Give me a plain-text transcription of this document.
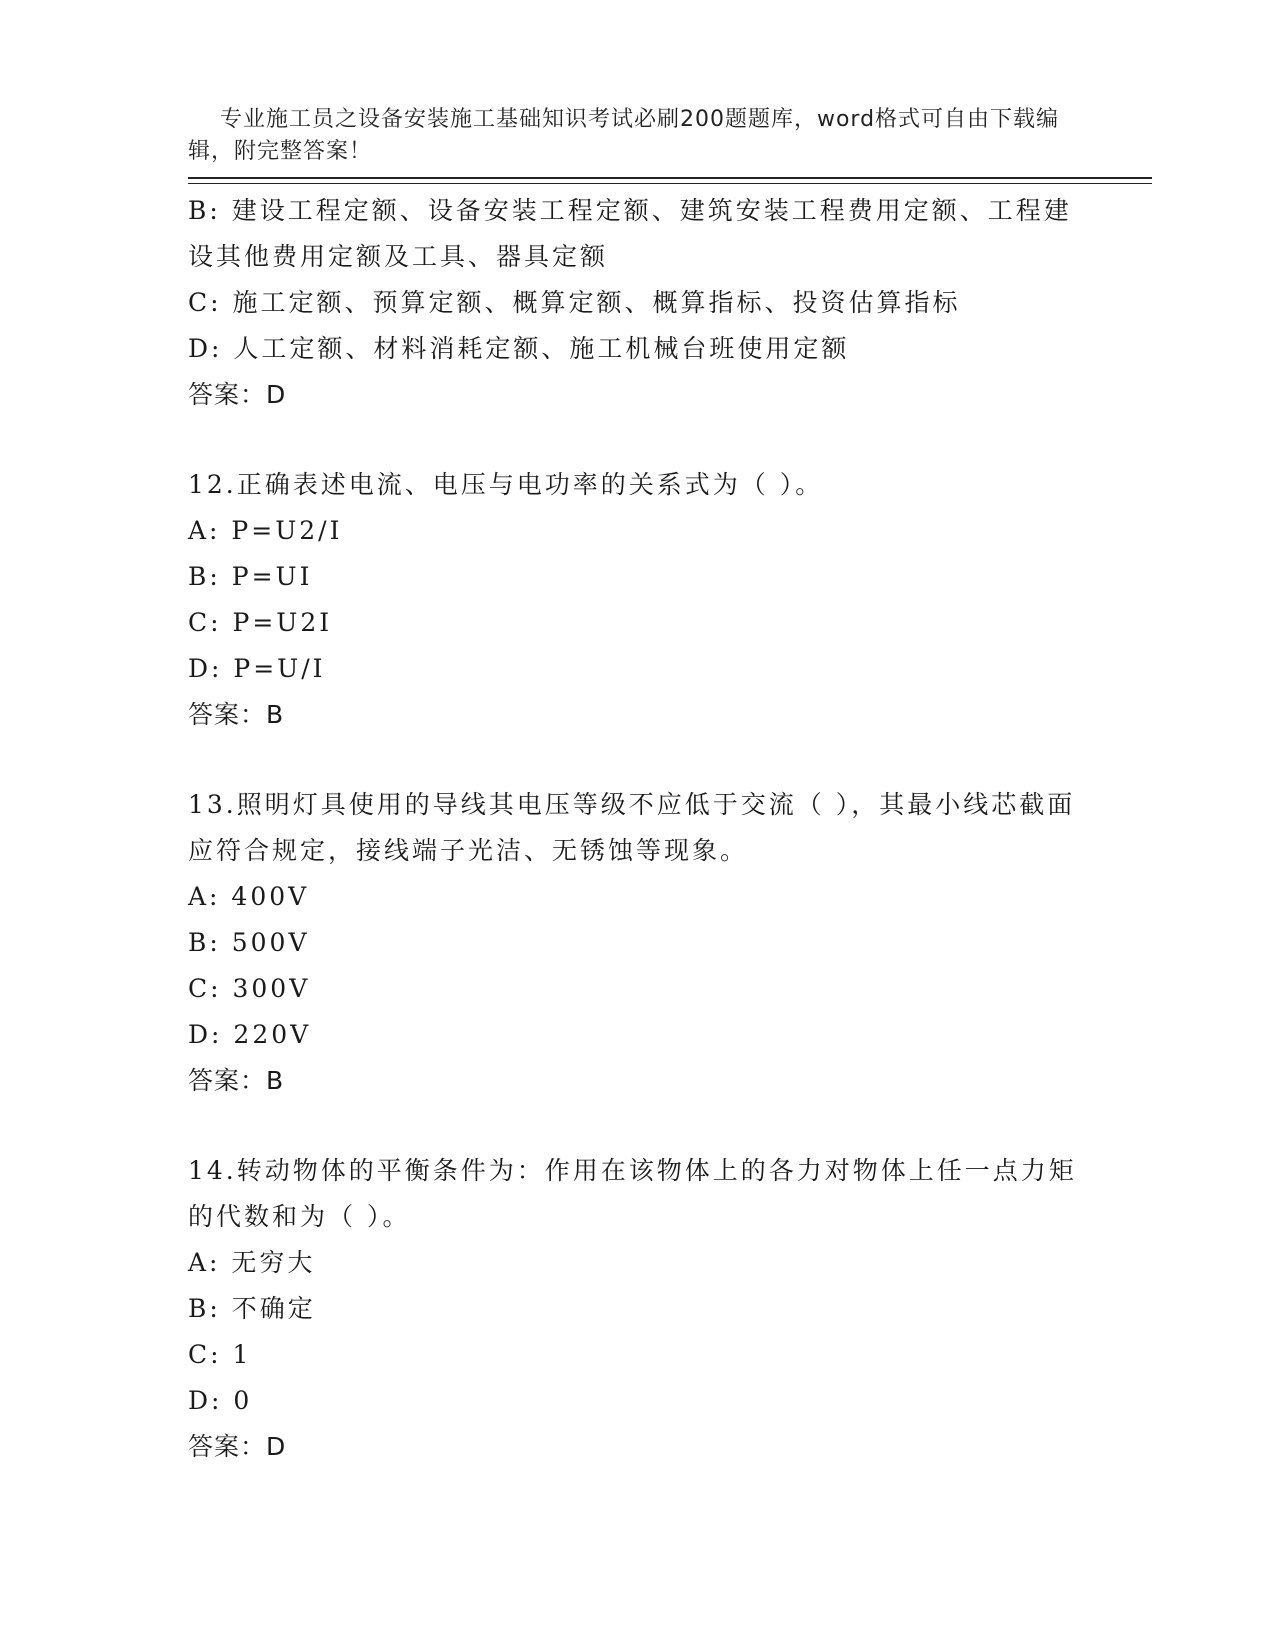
专业施工员之设备安装施工基础知识考试必刷200题题库，word格式可自由下载编辑，附完整答案！

B: 建设工程定额、设备安装工程定额、建筑安装工程费用定额、工程建设其他费用定额及工具、器具定额
C: 施工定额、预算定额、概算定额、概算指标、投资估算指标
D: 人工定额、材料消耗定额、施工机械台班使用定额
答案：D
12.正确表述电流、电压与电功率的关系式为（ ）。
A: P=U2/I
B: P=UI
C: P=U2I
D: P=U/I
答案：B
13.照明灯具使用的导线其电压等级不应低于交流（ ），其最小线芯截面应符合规定，接线端子光洁、无锈蚀等现象。
A: 400V
B: 500V
C: 300V
D: 220V
答案：B
14.转动物体的平衡条件为：作用在该物体上的各力对物体上任一点力矩的代数和为（ ）。
A: 无穷大
B: 不确定
C: 1
D: 0
答案：D
